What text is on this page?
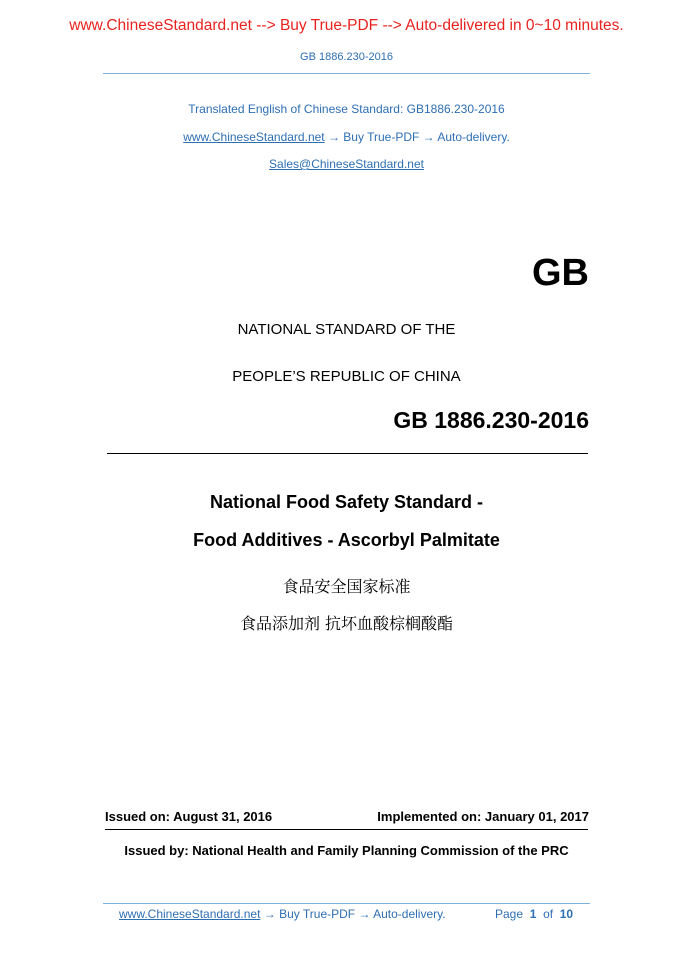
www.ChineseStandard.net --> Buy True-PDF --> Auto-delivered in 0~10 minutes.
GB 1886.230-2016
Translated English of Chinese Standard: GB1886.230-2016
www.ChineseStandard.net → Buy True-PDF → Auto-delivery.
Sales@ChineseStandard.net
GB
NATIONAL STANDARD OF THE
PEOPLE’S REPUBLIC OF CHINA
GB 1886.230-2016
National Food Safety Standard -
Food Additives - Ascorbyl Palmitate
食品安全国家标准
食品添加剂 抗坏血酸棕榈酸酯
Issued on: August 31, 2016	Implemented on: January 01, 2017
Issued by: National Health and Family Planning Commission of the PRC
www.ChineseStandard.net → Buy True-PDF → Auto-delivery.	Page 1 of 10
